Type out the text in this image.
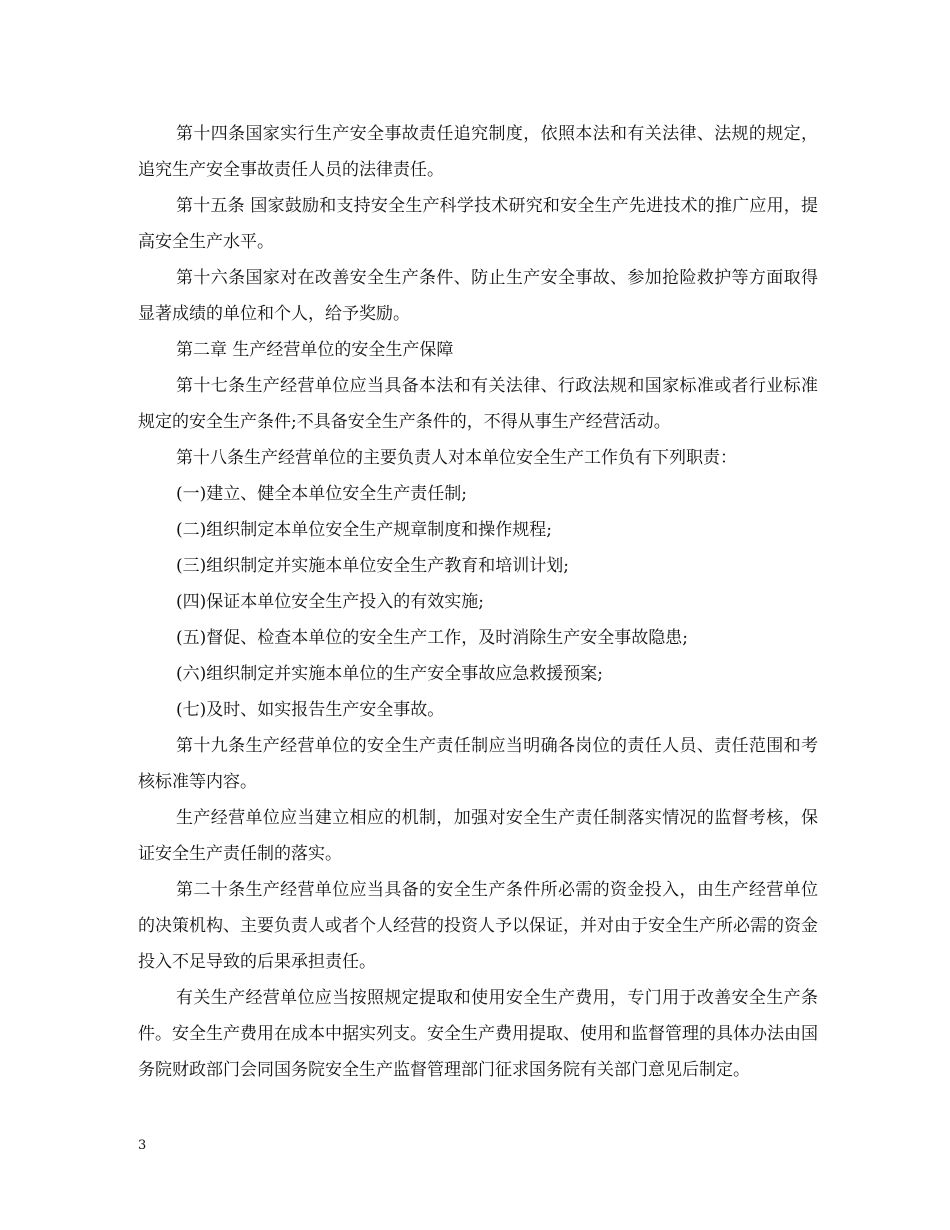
第十四条国家实行生产安全事故责任追究制度，依照本法和有关法律、法规的规定，追究生产安全事故责任人员的法律责任。

第十五条 国家鼓励和支持安全生产科学技术研究和安全生产先进技术的推广应用，提高安全生产水平。

第十六条国家对在改善安全生产条件、防止生产安全事故、参加抢险救护等方面取得显著成绩的单位和个人，给予奖励。

第二章 生产经营单位的安全生产保障

第十七条生产经营单位应当具备本法和有关法律、行政法规和国家标准或者行业标准规定的安全生产条件;不具备安全生产条件的，不得从事生产经营活动。

第十八条生产经营单位的主要负责人对本单位安全生产工作负有下列职责：

(一)建立、健全本单位安全生产责任制;

(二)组织制定本单位安全生产规章制度和操作规程;

(三)组织制定并实施本单位安全生产教育和培训计划;

(四)保证本单位安全生产投入的有效实施;

(五)督促、检查本单位的安全生产工作，及时消除生产安全事故隐患;

(六)组织制定并实施本单位的生产安全事故应急救援预案;

(七)及时、如实报告生产安全事故。

第十九条生产经营单位的安全生产责任制应当明确各岗位的责任人员、责任范围和考核标准等内容。

生产经营单位应当建立相应的机制，加强对安全生产责任制落实情况的监督考核，保证安全生产责任制的落实。

第二十条生产经营单位应当具备的安全生产条件所必需的资金投入，由生产经营单位的决策机构、主要负责人或者个人经营的投资人予以保证，并对由于安全生产所必需的资金投入不足导致的后果承担责任。

有关生产经营单位应当按照规定提取和使用安全生产费用，专门用于改善安全生产条件。安全生产费用在成本中据实列支。安全生产费用提取、使用和监督管理的具体办法由国务院财政部门会同国务院安全生产监督管理部门征求国务院有关部门意见后制定。

3
